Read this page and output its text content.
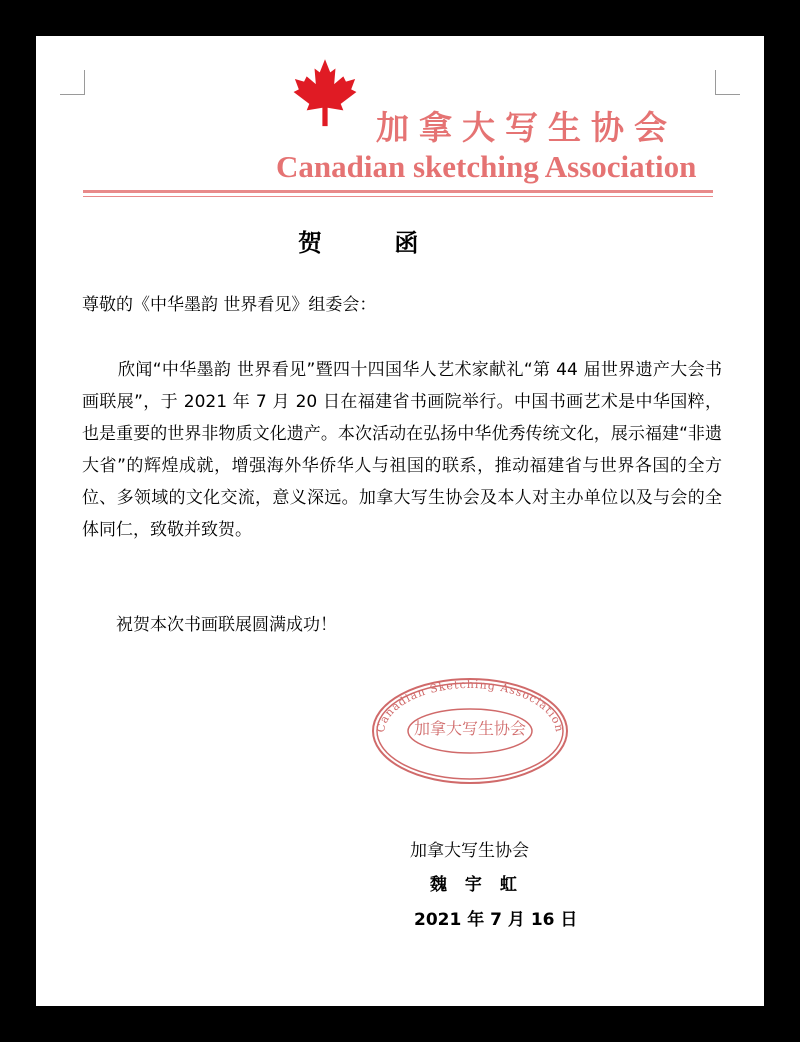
加拿大写生协会
Canadian sketching Association
贺 函
尊敬的《中华墨韵 世界看见》组委会：
欣闻“中华墨韵 世界看见”暨四十四国华人艺术家献礼“第 44 届世界遗产大会书画联展”，于 2021 年 7 月 20 日在福建省书画院举行。中国书画艺术是中华国粹，也是重要的世界非物质文化遗产。本次活动在弘扬中华优秀传统文化，展示福建“非遗大省”的辉煌成就，增强海外华侨华人与祖国的联系，推动福建省与世界各国的全方位、多领域的文化交流，意义深远。加拿大写生协会及本人对主办单位以及与会的全体同仁，致敬并致贺。
祝贺本次书画联展圆满成功！
Canadian Sketching Association
加拿大写生协会
加拿大写生协会
魏 宇 虹
2021 年 7 月 16 日
